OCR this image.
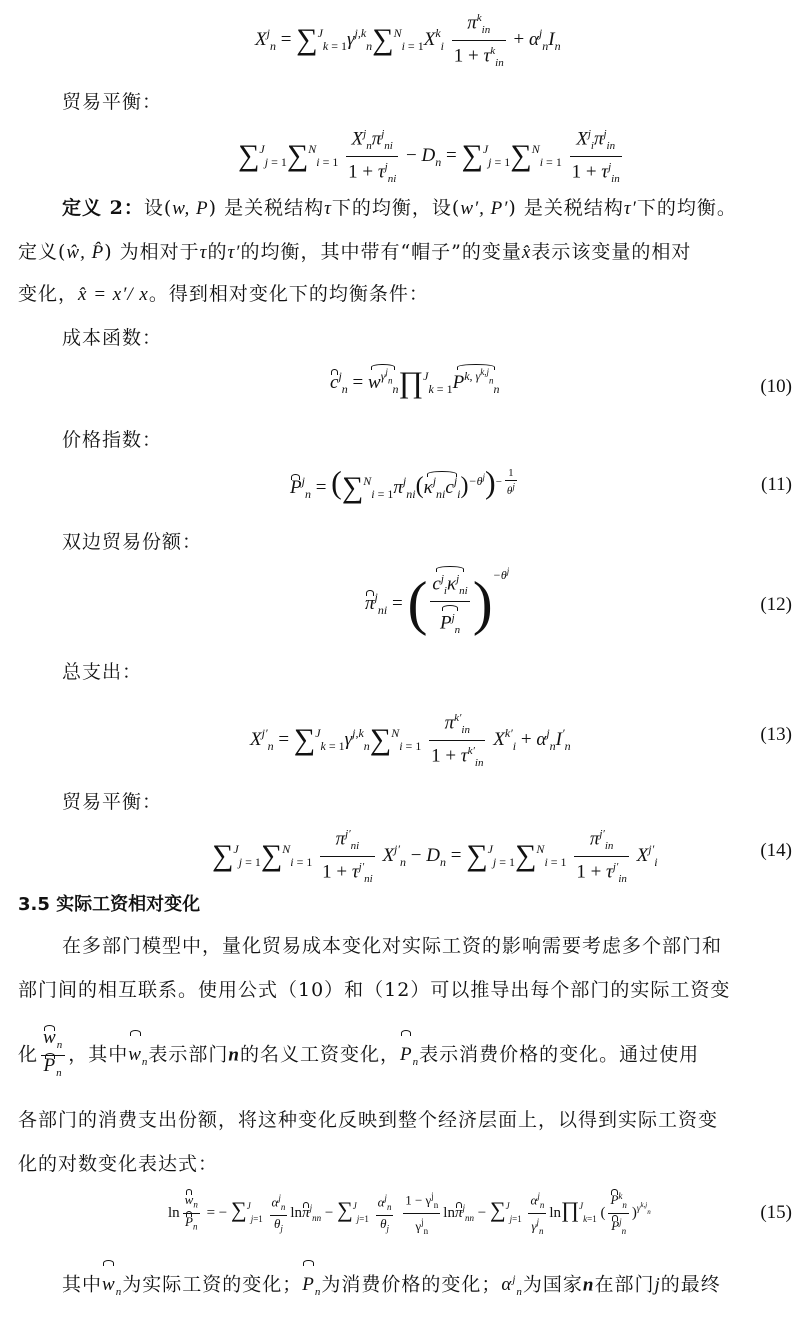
$X^j_n = \sum^J_{k = 1}\gamma^{j,k}_n\sum^N_{i = 1}X^k_i \frac{\pi^k_{in}}{1 + \tau^k_{in}} + \alpha^j_nI_n$
贸易平衡：
$\sum^J_{j = 1}\sum^N_{i = 1} \frac{X^j_n\pi^j_{ni}}{1 + \tau^j_{ni}} - D_n = \sum^J_{j = 1}\sum^N_{i = 1} \frac{X^j_i\pi^j_{in}}{1 + \tau^j_{in}}$
定义 2：设(w, P) 是关税结构τ下的均衡，设(w′, P′) 是关税结构τ′下的均衡。
定义(ŵ, P̂) 为相对于τ的τ′的均衡，其中带有“帽子”的变量x̂表示该变量的相对
变化，x̂ = x′/ x。得到相对变化下的均衡条件：
成本函数：
$c^j_n$ = $w^{\gamma^j_n}_n\prod^J_{k = 1}P^{k, \gamma^{k,j}_n}_n$	(10)
价格指数：
$P^j_n = (\sum^N_{i = 1}\pi^j_{ni}(\kappa^j_{ni}c^j_i)^{-\theta^j})^{- \frac{1}{\theta^j}}$	(11)
双边贸易份额：
$\pi^j_{ni}$ = ( $\frac{c^j_i\kappa^j_{ni}}{P^j_n} )^{-\theta^j}$
(12)
总支出：
$X^{j'}_n = \sum^J_{k = 1}\gamma^{j,k}_n\sum^N_{i = 1} \frac{\pi^{k'}_{in}}{1 + \tau^{k'}_{in}} X^{k'}_i + \alpha^j_nI'_n$
(13)
贸易平衡：
$\sum^J_{j = 1}\sum^N_{i = 1} \frac{\pi^{j'}_{ni}}{1 + \tau^{j'}_{ni}} X^{j'}_n - D_n = \sum^J_{j = 1}\sum^N_{i = 1} \frac{\pi^{j'}_{in}}{1 + \tau^{j'}_{in}} X^{j'}_i$
(14)
3.5 实际工资相对变化
在多部门模型中，量化贸易成本变化对实际工资的影响需要考虑多个部门和
部门间的相互联系。使用公式（10）和（12）可以推导出每个部门的实际工资变
化 $\frac{w_n}{P_n}$ ，其中$w_n$表示部门n的名义工资变化，$P_n$表示消费价格的变化。通过使用
各部门的消费支出份额，将这种变化反映到整个经济层面上，以得到实际工资变
化的对数变化表达式：
$\ln \frac{w_n}{P_n}$ = − $\sum^J_{j=1} \frac{\alpha^j_n}{\theta_j} \ln\pi^j_{nn} - \sum^J_{j=1} \frac{\alpha^j_n}{\theta_j}$
$\frac{1 - \gamma^j_n}{\gamma^j_n} \ln\pi^j_{nn} - \sum^J_{j=1} \frac{\alpha^j_n}{\gamma^j_n}$ ln∏$^J_{k=1}$ ( $\frac{P^k_n}{P^j_n} )^{\gamma^{k,j}_n}$	(15)
其中$w_n$为实际工资的变化；$P_n$为消费价格的变化；$\alpha^j_n$为国家n在部门j的最终
